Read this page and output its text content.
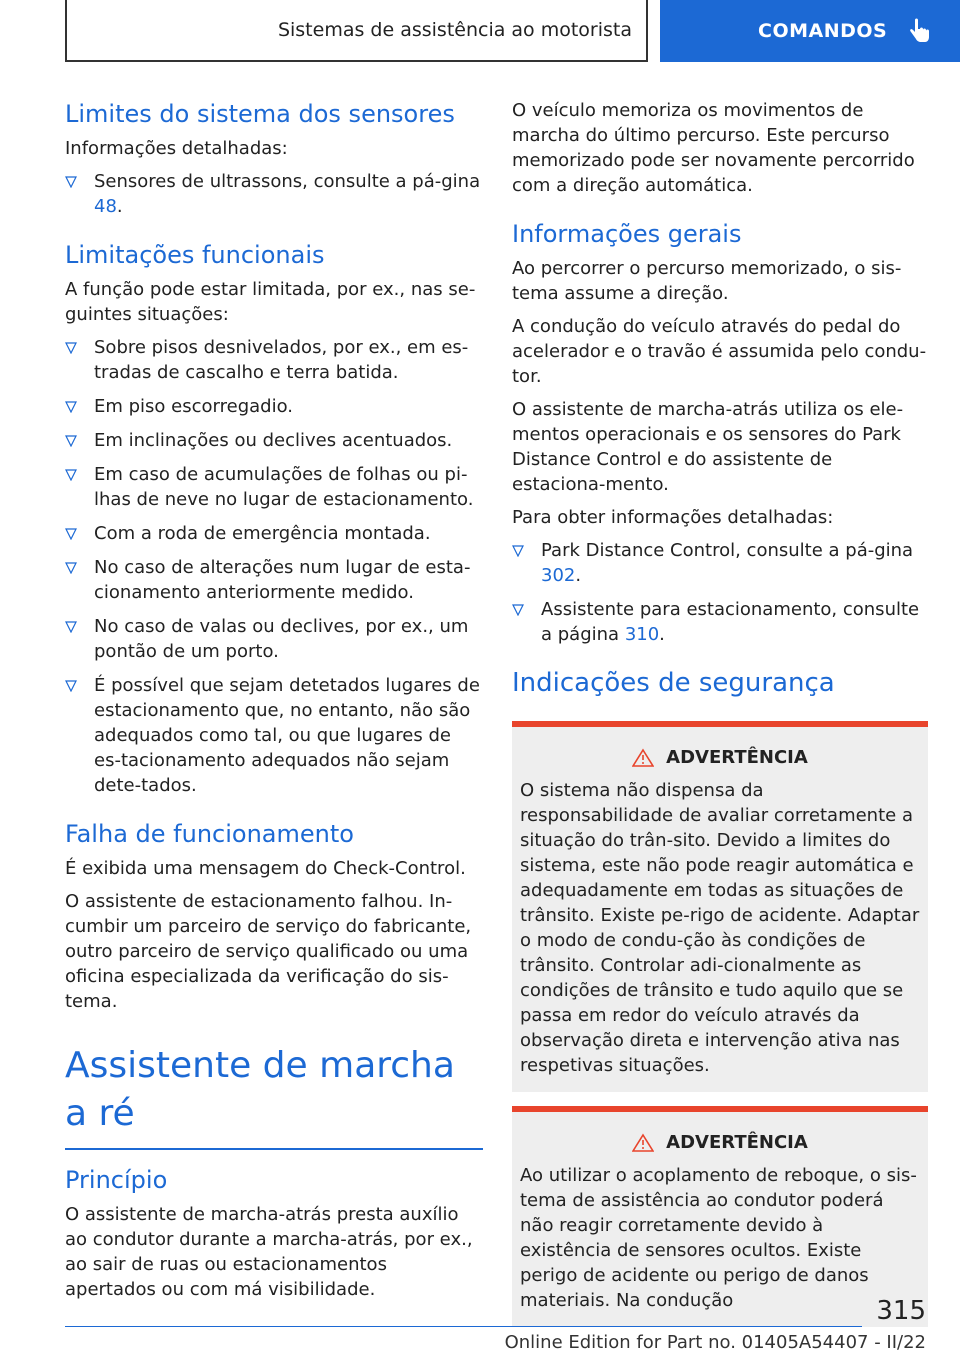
Sistemas de assistência ao motorista	COMANDOS
Limites do sistema dos sensores

Informações detalhadas:

Sensores de ultrassons, consulte a pá-gina 48.
Limitações funcionais

A função pode estar limitada, por ex., nas se-guintes situações:

Sobre pisos desnivelados, por ex., em es-tradas de cascalho e terra batida.
Em piso escorregadio.
Em inclinações ou declives acentuados.
Em caso de acumulações de folhas ou pi-lhas de neve no lugar de estacionamento.
Com a roda de emergência montada.
No caso de alterações num lugar de esta-cionamento anteriormente medido.
No caso de valas ou declives, por ex., um pontão de um porto.
É possível que sejam detetados lugares de estacionamento que, no entanto, não são adequados como tal, ou que lugares de es-tacionamento adequados não sejam dete-tados.
Falha de funcionamento

É exibida uma mensagem do Check-Control.

O assistente de estacionamento falhou. In-cumbir um parceiro de serviço do fabricante, outro parceiro de serviço qualificado ou uma oficina especializada da verificação do sis-tema.

Assistente de marcha a ré
Princípio

O assistente de marcha-atrás presta auxílio ao condutor durante a marcha-atrás, por ex., ao sair de ruas ou estacionamentos apertados ou com má visibilidade.

O veículo memoriza os movimentos de marcha do último percurso. Este percurso memorizado pode ser novamente percorrido com a direção automática.

Informações gerais

Ao percorrer o percurso memorizado, o sis-tema assume a direção.

A condução do veículo através do pedal do acelerador e o travão é assumida pelo condu-tor.

O assistente de marcha-atrás utiliza os ele-mentos operacionais e os sensores do Park Distance Control e do assistente de estaciona-mento.

Para obter informações detalhadas:

Park Distance Control, consulte a pá-gina 302.
Assistente para estacionamento, consulte a página 310.
Indicações de segurança
ADVERTÊNCIA

O sistema não dispensa da responsabilidade de avaliar corretamente a situação do trân-sito. Devido a limites do sistema, este não pode reagir automática e adequadamente em todas as situações de trânsito. Existe pe-rigo de acidente. Adaptar o modo de condu-ção às condições de trânsito. Controlar adi-cionalmente as condições de trânsito e tudo aquilo que se passa em redor do veículo através da observação direta e intervenção ativa nas respetivas situações.

ADVERTÊNCIA

Ao utilizar o acoplamento de reboque, o sis-tema de assistência ao condutor poderá não reagir corretamente devido à existência de sensores ocultos. Existe perigo de acidente ou perigo de danos materiais. Na condução	315
Online Edition for Part no. 01405A54407 - II/22
